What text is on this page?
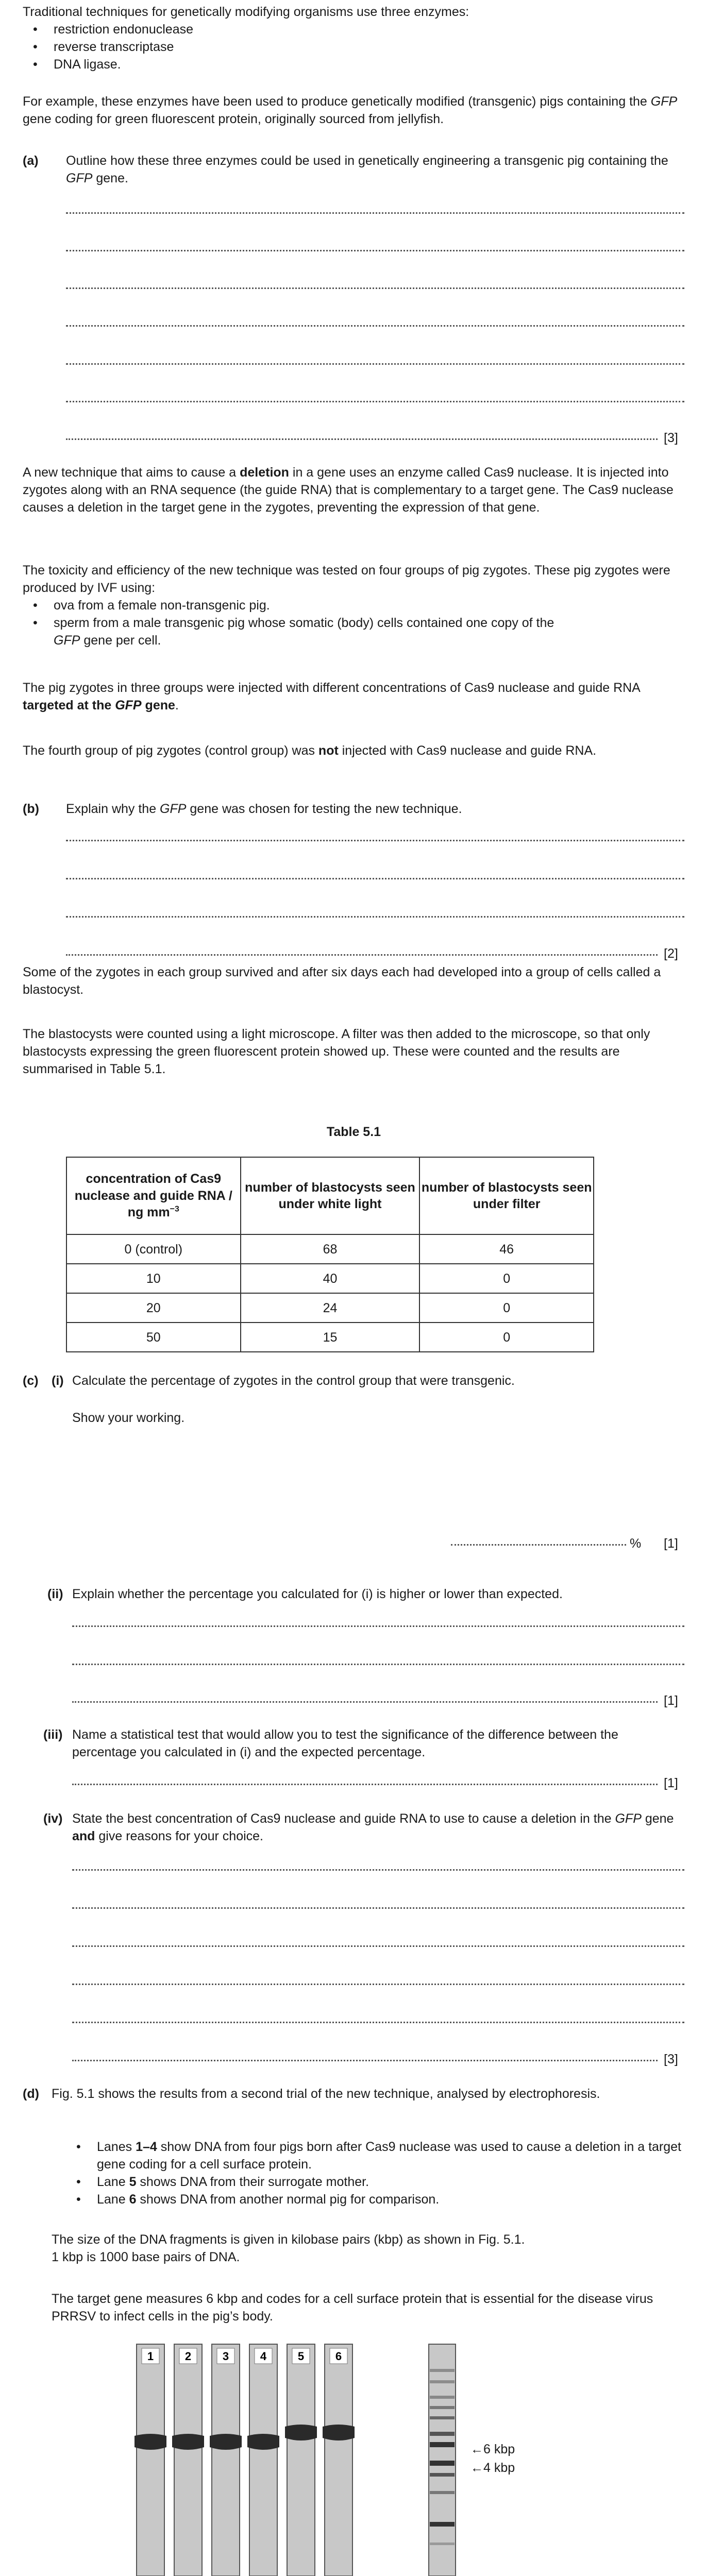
Traditional techniques for genetically modifying organisms use three enzymes:

• restriction endonuclease
• reverse transcriptase
• DNA ligase.

For example, these enzymes have been used to produce genetically modified (transgenic) pigs containing the GFP gene coding for green fluorescent protein, originally sourced from jellyfish.

(a) Outline how these three enzymes could be used in genetically engineering a transgenic pig containing the GFP gene.
[3]

A new technique that aims to cause a deletion in a gene uses an enzyme called Cas9 nuclease. It is injected into zygotes along with an RNA sequence (the guide RNA) that is complementary to a target gene. The Cas9 nuclease causes a deletion in the target gene in the zygotes, preventing the expression of that gene.

The toxicity and efficiency of the new technique was tested on four groups of pig zygotes. These pig zygotes were produced by IVF using:

• ova from a female non-transgenic pig.
• sperm from a male transgenic pig whose somatic (body) cells contained one copy of the
GFP gene per cell.

The pig zygotes in three groups were injected with different concentrations of Cas9 nuclease and guide RNA targeted at the GFP gene.

The fourth group of pig zygotes (control group) was not injected with Cas9 nuclease and guide RNA.

(b) Explain why the GFP gene was chosen for testing the new technique.
[2]

Some of the zygotes in each group survived and after six days each had developed into a group of cells called a blastocyst.

The blastocysts were counted using a light microscope. A filter was then added to the microscope, so that only blastocysts expressing the green fluorescent protein showed up. These were counted and the results are summarised in Table 5.1.

Table 5.1
concentration of Cas9 nuclease and guide RNA / ng $mm^{-3}$	number of blastocysts seen under white light	number of blastocysts seen under filter
0 (control)	68	46
10	40	0
20	24	0
50	15	0
(c) (i) Calculate the percentage of zygotes in the control group that were transgenic.
Show your working.
% [1]
(ii) Explain whether the percentage you calculated for (i) is higher or lower than expected.
[1]
(iii) Name a statistical test that would allow you to test the significance of the difference between the percentage you calculated in (i) and the expected percentage.
[1]
(iv) State the best concentration of Cas9 nuclease and guide RNA to use to cause a deletion in the GFP gene and give reasons for your choice.
[3]
(d) Fig. 5.1 shows the results from a second trial of the new technique, analysed by electrophoresis.
• Lanes 1–4 show DNA from four pigs born after Cas9 nuclease was used to cause a deletion in a target gene coding for a cell surface protein.
• Lane 5 shows DNA from their surrogate mother.
• Lane 6 shows DNA from another normal pig for comparison.

The size of the DNA fragments is given in kilobase pairs (kbp) as shown in Fig. 5.1.

1 kbp is 1000 base pairs of DNA.

The target gene measures 6 kbp and codes for a cell surface protein that is essential for the disease virus PRRSV to infect cells in the pig’s body.
1	2	3	4	5	6
←6 kbp
←4 kbp
